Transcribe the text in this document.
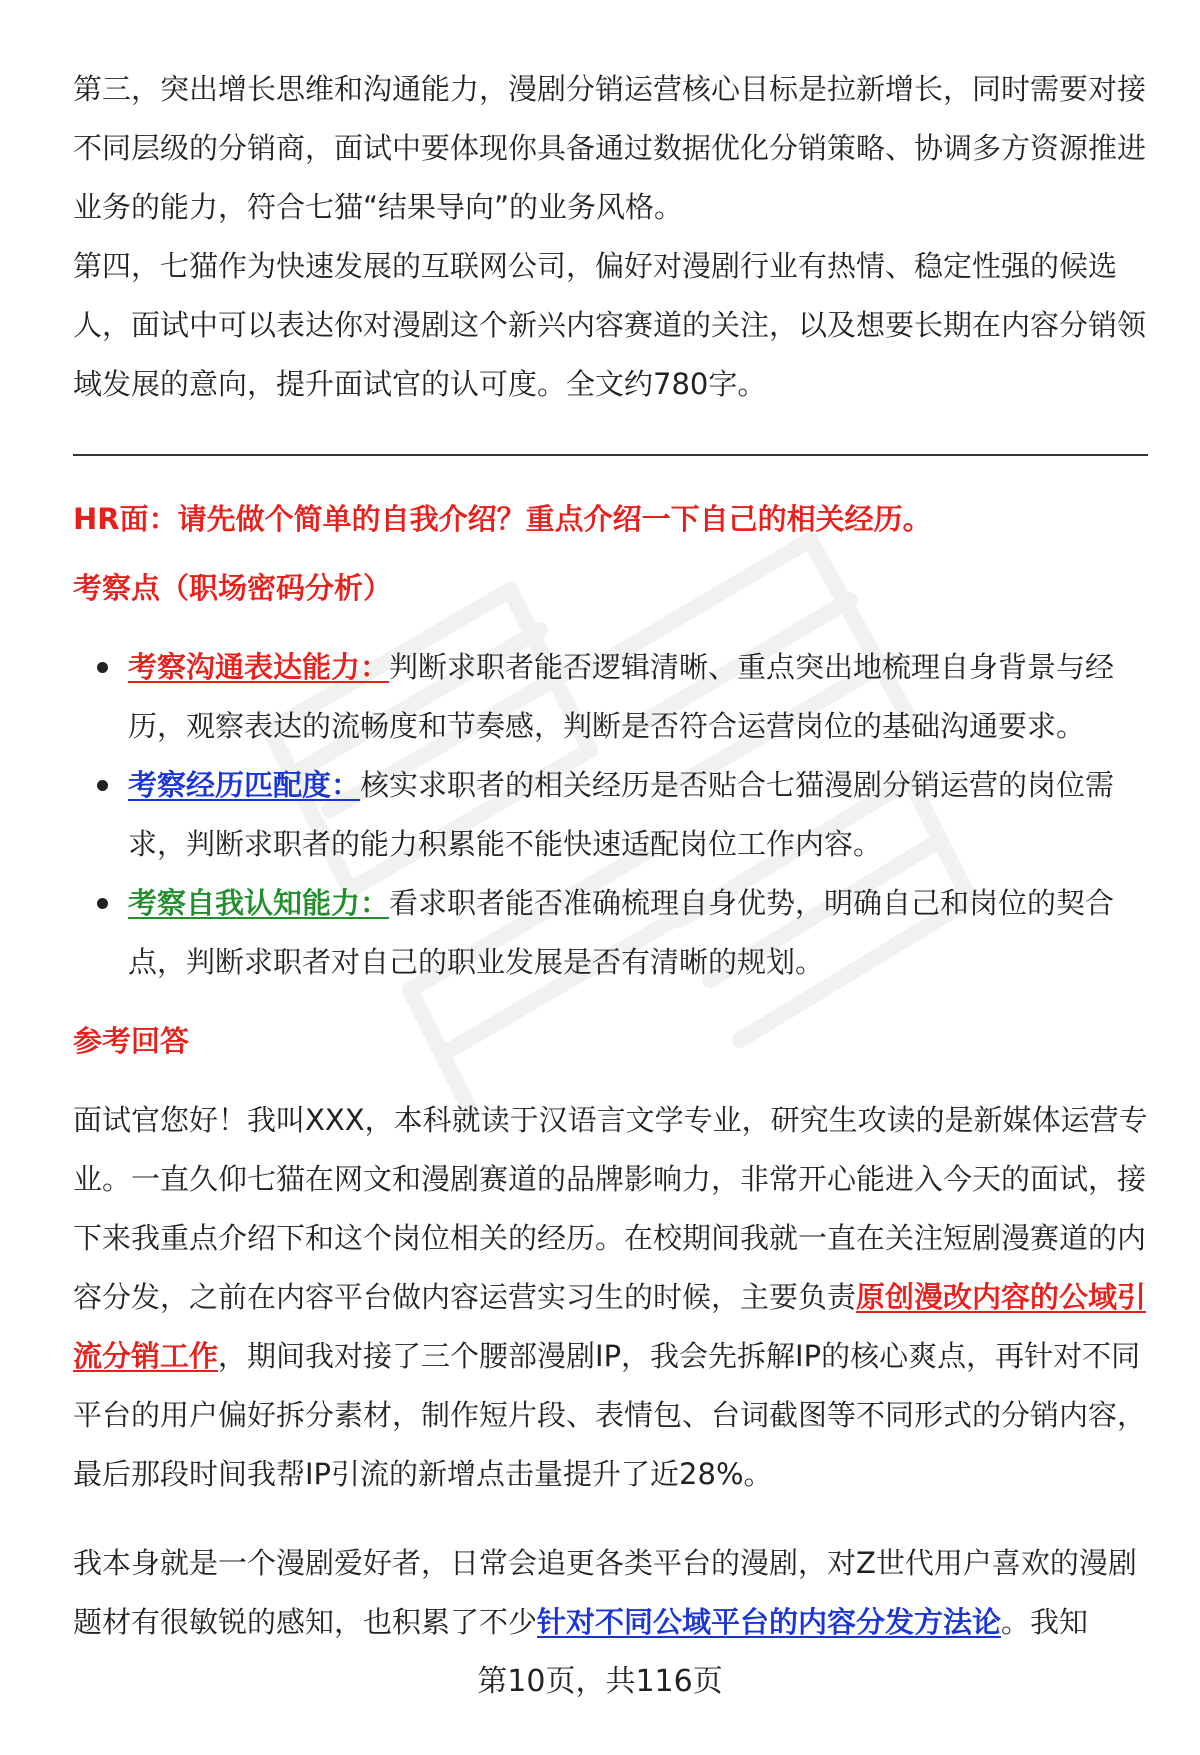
第三，突出增长思维和沟通能力，漫剧分销运营核心目标是拉新增长，同时需要对接不同层级的分销商，面试中要体现你具备通过数据优化分销策略、协调多方资源推进业务的能力，符合七猫“结果导向”的业务风格。

第四，七猫作为快速发展的互联网公司，偏好对漫剧行业有热情、稳定性强的候选人，面试中可以表达你对漫剧这个新兴内容赛道的关注，以及想要长期在内容分销领域发展的意向，提升面试官的认可度。全文约780字。

HR面：请先做个简单的自我介绍？重点介绍一下自己的相关经历。
考察点（职场密码分析）
考察沟通表达能力：判断求职者能否逻辑清晰、重点突出地梳理自身背景与经历，观察表达的流畅度和节奏感，判断是否符合运营岗位的基础沟通要求。
考察经历匹配度：核实求职者的相关经历是否贴合七猫漫剧分销运营的岗位需求，判断求职者的能力积累能不能快速适配岗位工作内容。
考察自我认知能力：看求职者能否准确梳理自身优势，明确自己和岗位的契合点，判断求职者对自己的职业发展是否有清晰的规划。
参考回答

面试官您好！我叫XXX，本科就读于汉语言文学专业，研究生攻读的是新媒体运营专业。一直久仰七猫在网文和漫剧赛道的品牌影响力，非常开心能进入今天的面试，接下来我重点介绍下和这个岗位相关的经历。在校期间我就一直在关注短剧漫赛道的内容分发，之前在内容平台做内容运营实习生的时候，主要负责原创漫改内容的公域引流分销工作，期间我对接了三个腰部漫剧IP，我会先拆解IP的核心爽点，再针对不同平台的用户偏好拆分素材，制作短片段、表情包、台词截图等不同形式的分销内容，最后那段时间我帮IP引流的新增点击量提升了近28%。

我本身就是一个漫剧爱好者，日常会追更各类平台的漫剧，对Z世代用户喜欢的漫剧题材有很敏锐的感知，也积累了不少针对不同公域平台的内容分发方法论。我知

第10页，共116页
